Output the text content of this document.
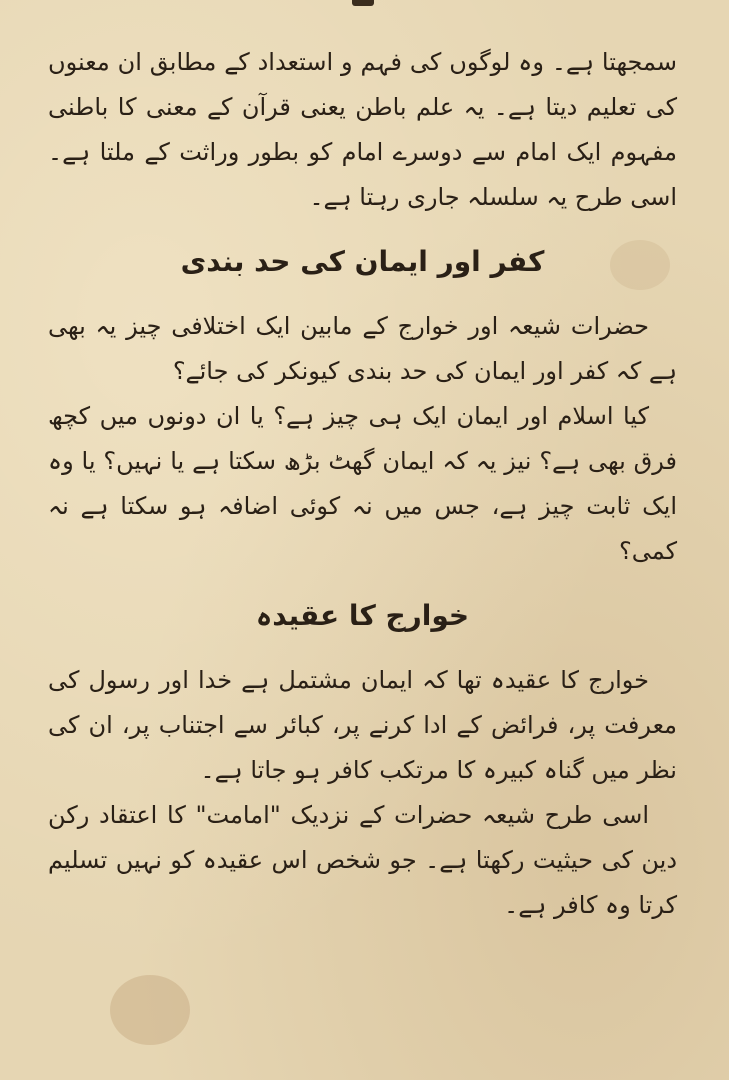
سمجھتا ہے۔ وہ لوگوں کی فہم و استعداد کے مطابق ان معنوں کی تعلیم دیتا ہے۔ یہ علم باطن یعنی قرآن کے معنی کا باطنی مفہوم ایک امام سے دوسرے امام کو بطور وراثت کے ملتا ہے۔ اسی طرح یہ سلسلہ جاری رہتا ہے۔

کفر اور ایمان کی حد بندی

حضرات شیعہ اور خوارج کے مابین ایک اختلافی چیز یہ بھی ہے کہ کفر اور ایمان کی حد بندی کیونکر کی جائے؟

کیا اسلام اور ایمان ایک ہی چیز ہے؟ یا ان دونوں میں کچھ فرق بھی ہے؟ نیز یہ کہ ایمان گھٹ بڑھ سکتا ہے یا نہیں؟ یا وہ ایک ثابت چیز ہے، جس میں نہ کوئی اضافہ ہو سکتا ہے نہ کمی؟

خوارج کا عقیدہ

خوارج کا عقیدہ تھا کہ ایمان مشتمل ہے خدا اور رسول کی معرفت پر، فرائض کے ادا کرنے پر، کبائر سے اجتناب پر، ان کی نظر میں گناہ کبیرہ کا مرتکب کافر ہو جاتا ہے۔

اسی طرح شیعہ حضرات کے نزدیک "امامت" کا اعتقاد رکن دین کی حیثیت رکھتا ہے۔ جو شخص اس عقیدہ کو نہیں تسلیم کرتا وہ کافر ہے۔
